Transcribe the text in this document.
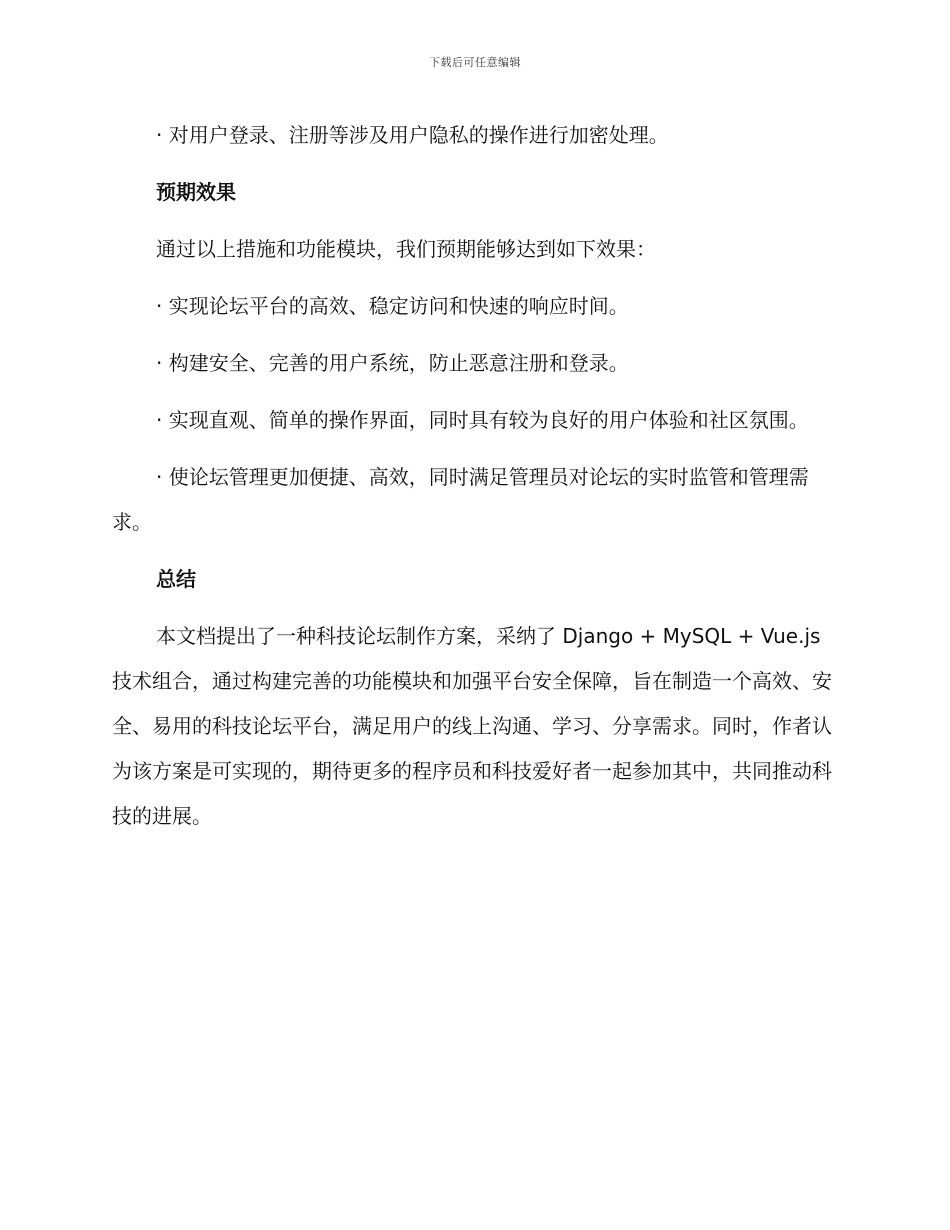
下载后可任意编辑

· 对用户登录、注册等涉及用户隐私的操作进行加密处理。

预期效果

通过以上措施和功能模块，我们预期能够达到如下效果：

· 实现论坛平台的高效、稳定访问和快速的响应时间。

· 构建安全、完善的用户系统，防止恶意注册和登录。

· 实现直观、简单的操作界面，同时具有较为良好的用户体验和社区氛围。

· 使论坛管理更加便捷、高效，同时满足管理员对论坛的实时监管和管理需求。

总结

本文档提出了一种科技论坛制作方案，采纳了 Django + MySQL + Vue.js 技术组合，通过构建完善的功能模块和加强平台安全保障，旨在制造一个高效、安全、易用的科技论坛平台，满足用户的线上沟通、学习、分享需求。同时，作者认为该方案是可实现的，期待更多的程序员和科技爱好者一起参加其中，共同推动科技的进展。
